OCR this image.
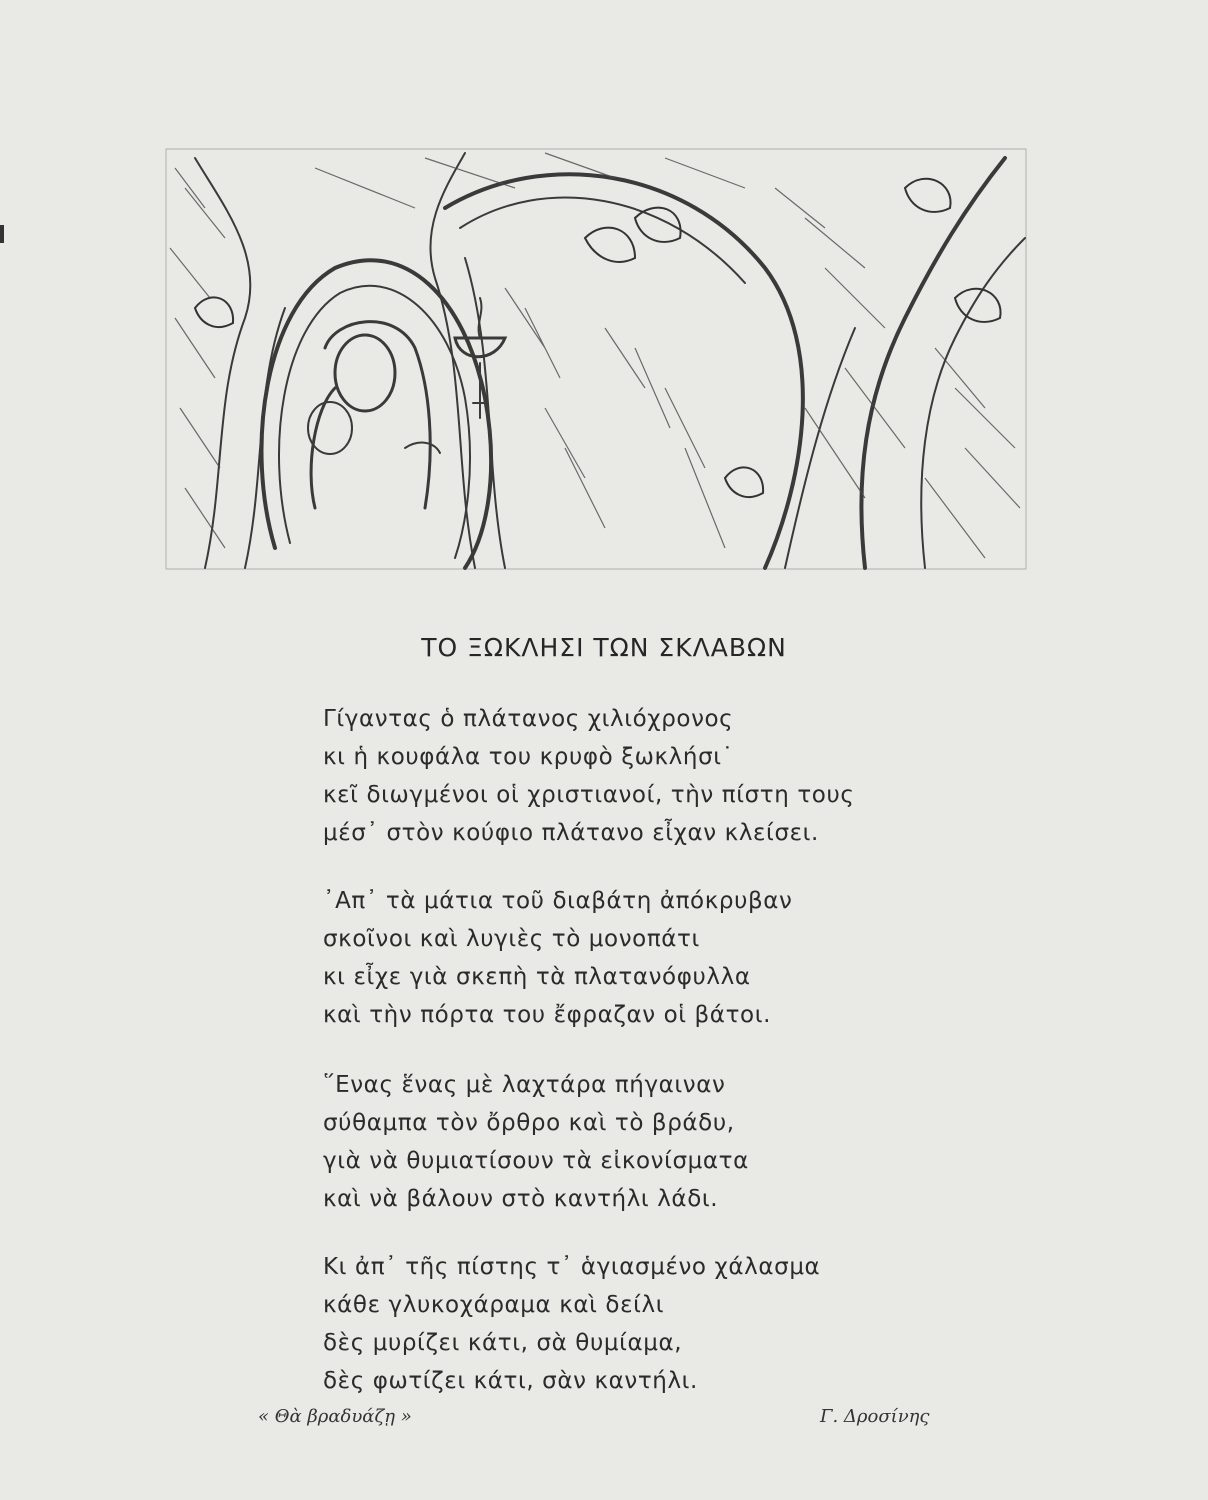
ΤΟ ΞΩΚΛΗΣΙ ΤΩΝ ΣΚΛΑΒΩΝ
Γίγαντας ὁ πλάτανος χιλιόχρονος
κι ἡ κουφάλα του κρυφὸ ξωκλήσι˙
κεῖ διωγμένοι οἱ χριστιανοί, τὴν πίστη τους
μέσ᾽ στὸν κούφιο πλάτανο εἶχαν κλείσει.
᾽Απ᾽ τὰ μάτια τοῦ διαβάτη ἀπόκρυβαν
σκοῖνοι καὶ λυγιὲς τὸ μονοπάτι
κι εἶχε γιὰ σκεπὴ τὰ πλατανόφυλλα
καὶ τὴν πόρτα του ἔφραζαν οἱ βάτοι.
῞Ενας ἕνας μὲ λαχτάρα πήγαιναν
σύθαμπα τὸν ὄρθρο καὶ τὸ βράδυ,
γιὰ νὰ θυμιατίσουν τὰ εἰκονίσματα
καὶ νὰ βάλουν στὸ καντήλι λάδι.
Κι ἀπ᾽ τῆς πίστης τ᾽ ἁγιασμένο χάλασμα
κάθε γλυκοχάραμα καὶ δείλι
δὲς μυρίζει κάτι, σὰ θυμίαμα,
δὲς φωτίζει κάτι, σὰν καντήλι.
« Θὰ βραδυάζῃ »	Γ. Δροσίνης
